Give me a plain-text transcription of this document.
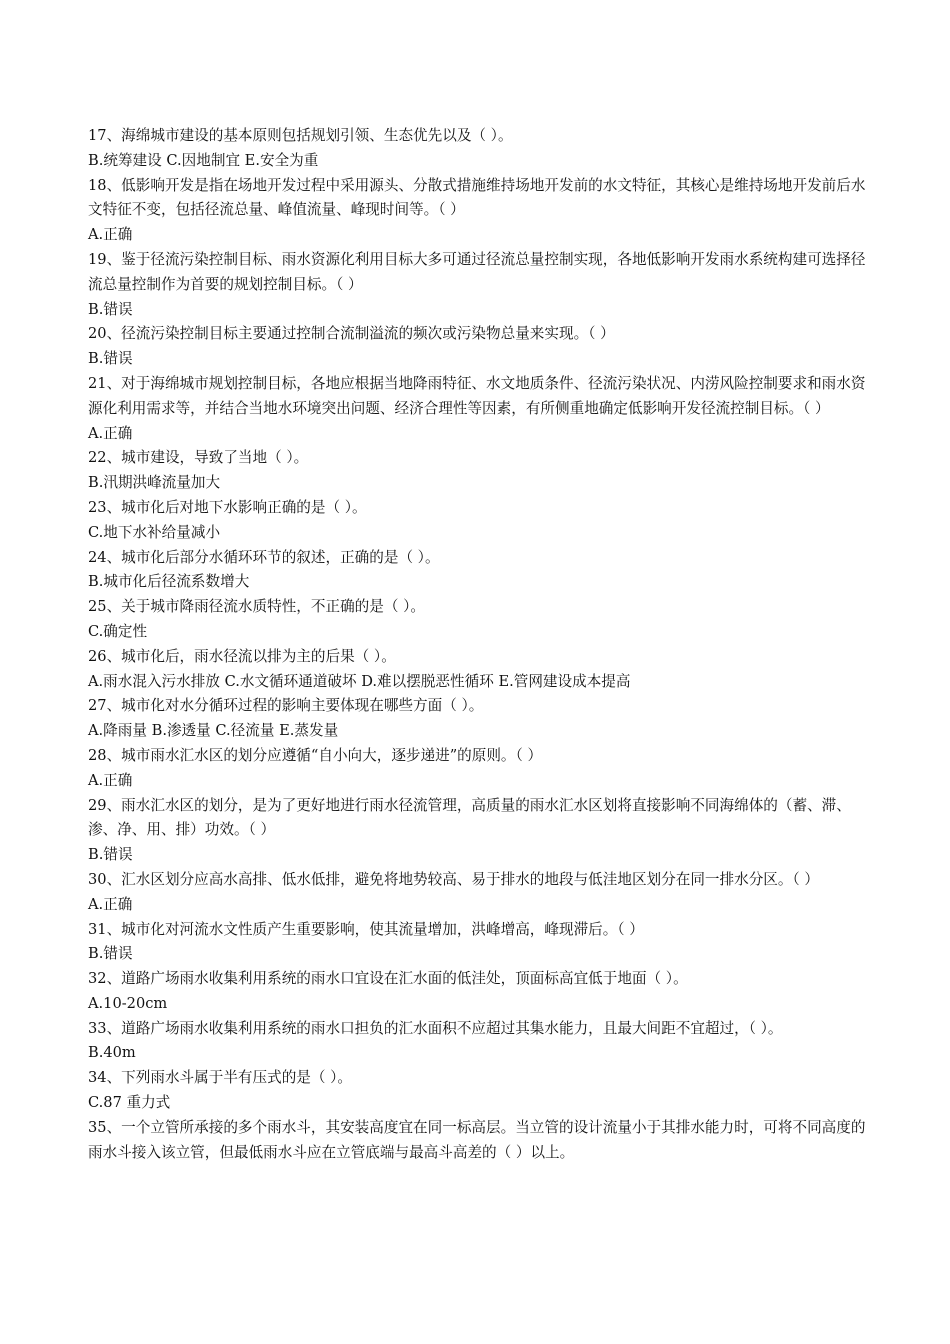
17、海绵城市建设的基本原则包括规划引领、生态优先以及（ ）。

B.统筹建设 C.因地制宜 E.安全为重

18、低影响开发是指在场地开发过程中采用源头、分散式措施维持场地开发前的水文特征，其核心是维持场地开发前后水文特征不变，包括径流总量、峰值流量、峰现时间等。（ ）

A.正确

19、鉴于径流污染控制目标、雨水资源化利用目标大多可通过径流总量控制实现，各地低影响开发雨水系统构建可选择径流总量控制作为首要的规划控制目标。（ ）

B.错误

20、径流污染控制目标主要通过控制合流制溢流的频次或污染物总量来实现。（ ）

B.错误

21、对于海绵城市规划控制目标，各地应根据当地降雨特征、水文地质条件、径流污染状况、内涝风险控制要求和雨水资源化利用需求等，并结合当地水环境突出问题、经济合理性等因素，有所侧重地确定低影响开发径流控制目标。（ ）

A.正确

22、城市建设，导致了当地（ ）。

B.汛期洪峰流量加大

23、城市化后对地下水影响正确的是（ ）。

C.地下水补给量减小

24、城市化后部分水循环环节的叙述，正确的是（ ）。

B.城市化后径流系数增大

25、关于城市降雨径流水质特性，不正确的是（ ）。

C.确定性

26、城市化后，雨水径流以排为主的后果（ ）。

A.雨水混入污水排放 C.水文循环通道破坏 D.难以摆脱恶性循环 E.管网建设成本提高

27、城市化对水分循环过程的影响主要体现在哪些方面（ ）。

A.降雨量 B.渗透量 C.径流量 E.蒸发量

28、城市雨水汇水区的划分应遵循“自小向大，逐步递进”的原则。（ ）

A.正确

29、雨水汇水区的划分，是为了更好地进行雨水径流管理，高质量的雨水汇水区划将直接影响不同海绵体的（蓄、滞、渗、净、用、排）功效。（ ）

B.错误

30、汇水区划分应高水高排、低水低排，避免将地势较高、易于排水的地段与低洼地区划分在同一排水分区。（ ）

A.正确

31、城市化对河流水文性质产生重要影响，使其流量增加，洪峰增高，峰现滞后。（ ）

B.错误

32、道路广场雨水收集利用系统的雨水口宜设在汇水面的低洼处，顶面标高宜低于地面（ ）。

A.10-20cm

33、道路广场雨水收集利用系统的雨水口担负的汇水面积不应超过其集水能力，且最大间距不宜超过，（ ）。

B.40m

34、下列雨水斗属于半有压式的是（ ）。

C.87 重力式

35、一个立管所承接的多个雨水斗，其安装高度宜在同一标高层。当立管的设计流量小于其排水能力时，可将不同高度的雨水斗接入该立管，但最低雨水斗应在立管底端与最高斗高差的（ ）以上。
